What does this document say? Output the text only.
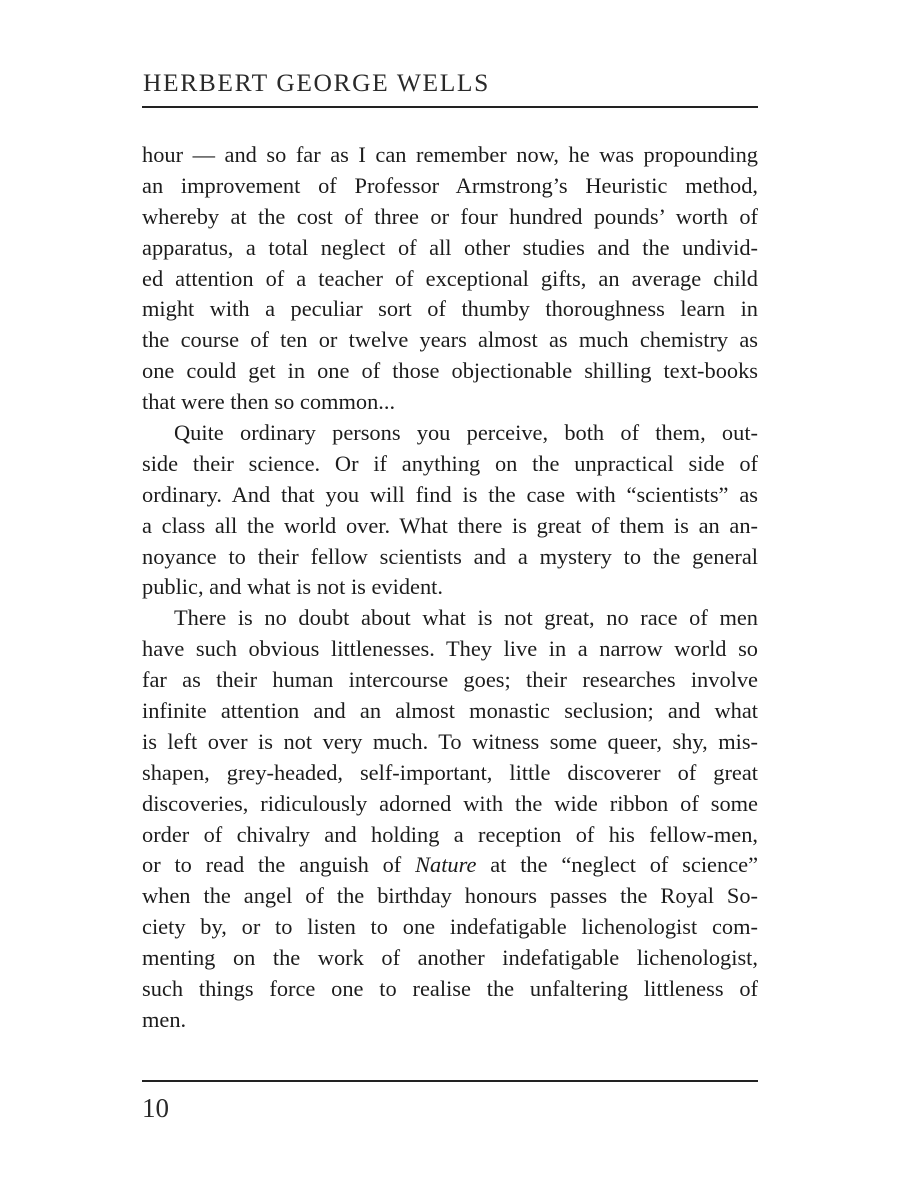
HERBERT GEORGE WELLS
hour — and so far as I can remember now, he was propounding
an improvement of Professor Armstrong’s Heuristic method,
whereby at the cost of three or four hundred pounds’ worth of
apparatus, a total neglect of all other studies and the undivid-
ed attention of a teacher of exceptional gifts, an average child
might with a peculiar sort of thumby thoroughness learn in
the course of ten or twelve years almost as much chemistry as
one could get in one of those objectionable shilling text-books
that were then so common...
Quite ordinary persons you perceive, both of them, out-
side their science. Or if anything on the unpractical side of
ordinary. And that you will find is the case with “scientists” as
a class all the world over. What there is great of them is an an-
noyance to their fellow scientists and a mystery to the general
public, and what is not is evident.
There is no doubt about what is not great, no race of men
have such obvious littlenesses. They live in a narrow world so
far as their human intercourse goes; their researches involve
infinite attention and an almost monastic seclusion; and what
is left over is not very much. To witness some queer, shy, mis-
shapen, grey-headed, self-important, little discoverer of great
discoveries, ridiculously adorned with the wide ribbon of some
order of chivalry and holding a reception of his fellow-men,
or to read the anguish of Nature at the “neglect of science”
when the angel of the birthday honours passes the Royal So-
ciety by, or to listen to one indefatigable lichenologist com-
menting on the work of another indefatigable lichenologist,
such things force one to realise the unfaltering littleness of
men.
10
